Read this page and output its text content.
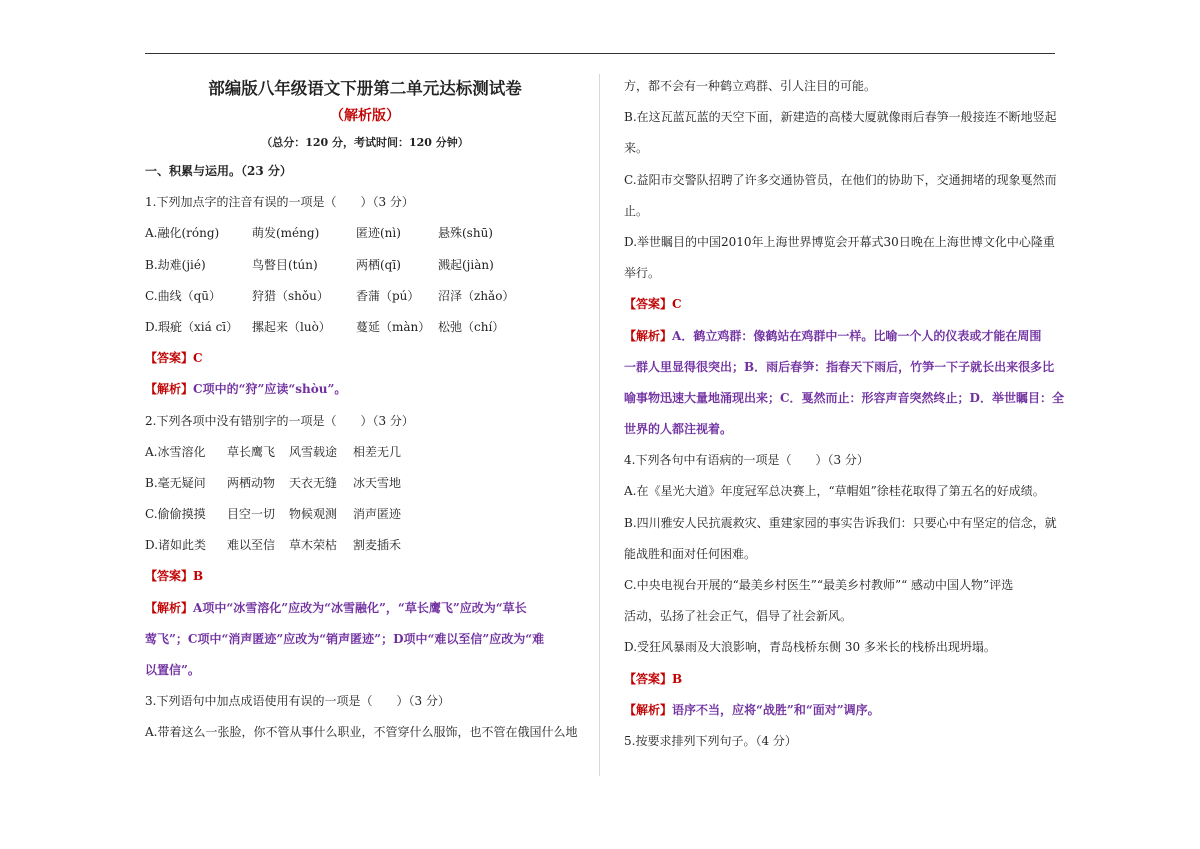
部编版八年级语文下册第二单元达标测试卷
（解析版）
（总分：120 分，考试时间：120 分钟）
一、积累与运用。（23 分）
1.下列加点字的注音有误的一项是（　　）（3 分）
A.融化(róng)	萌发(méng)	匿迹(nì)	悬殊(shū)
B.劫难(jié)	鸟瞥目(tún)	两栖(qī)	溅起(jiàn)
C.曲线（qū）	狩猎（shǒu）	香蒲（pú）	沼泽（zhǎo）
D.瑕疵（xiá cī）	摞起来（luò）	蔓延（màn） 松弛（chí）
【答案】C
【解析】C项中的“狩”应读“shòu”。
2.下列各项中没有错别字的一项是（　　）（3 分）
A.冰雪溶化 草长鹰飞 风雪载途 相差无几
B.毫无疑问 两栖动物 天衣无缝 冰天雪地
C.偷偷摸摸 目空一切 物候观测 消声匿迹
D.诸如此类 难以至信 草木荣枯 割麦插禾
【答案】B
【解析】A项中“冰雪溶化”应改为“冰雪融化”，“草长鹰飞”应改为“草长
莺飞”；C项中“消声匿迹”应改为“销声匿迹”；D项中“难以至信”应改为“难
以置信”。
3.下列语句中加点成语使用有误的一项是（　　）（3 分）
A.带着这么一张脸，你不管从事什么职业，不管穿什么服饰，也不管在俄国什么地
方，都不会有一种鹤立鸡群、引人注目的可能。
B.在这瓦蓝瓦蓝的天空下面，新建造的高楼大厦就像雨后春笋一般接连不断地竖起
来。
C.益阳市交警队招聘了许多交通协管员，在他们的协助下，交通拥堵的现象戛然而
止。
D.举世瞩目的中国2010年上海世界博览会开幕式30日晚在上海世博文化中心隆重
举行。
【答案】C
【解析】A．鹤立鸡群：像鹤站在鸡群中一样。比喻一个人的仪表或才能在周围
一群人里显得很突出；B．雨后春笋：指春天下雨后，竹笋一下子就长出来很多比
喻事物迅速大量地涌现出来；C．戛然而止：形容声音突然终止；D．举世瞩目：全
世界的人都注视着。
4.下列各句中有语病的一项是（　　）（3 分）
A.在《星光大道》年度冠军总决赛上，“草帽姐”徐桂花取得了第五名的好成绩。
B.四川雅安人民抗震救灾、重建家园的事实告诉我们：只要心中有坚定的信念，就
能战胜和面对任何困难。
C.中央电视台开展的“最美乡村医生”“最美乡村教师”“ 感动中国人物”评选
活动，弘扬了社会正气，倡导了社会新风。
D.受狂风暴雨及大浪影响，青岛栈桥东侧 30 多米长的栈桥出现坍塌。
【答案】B
【解析】语序不当，应将“战胜”和“面对”调序。
5.按要求排列下列句子。（4 分）
